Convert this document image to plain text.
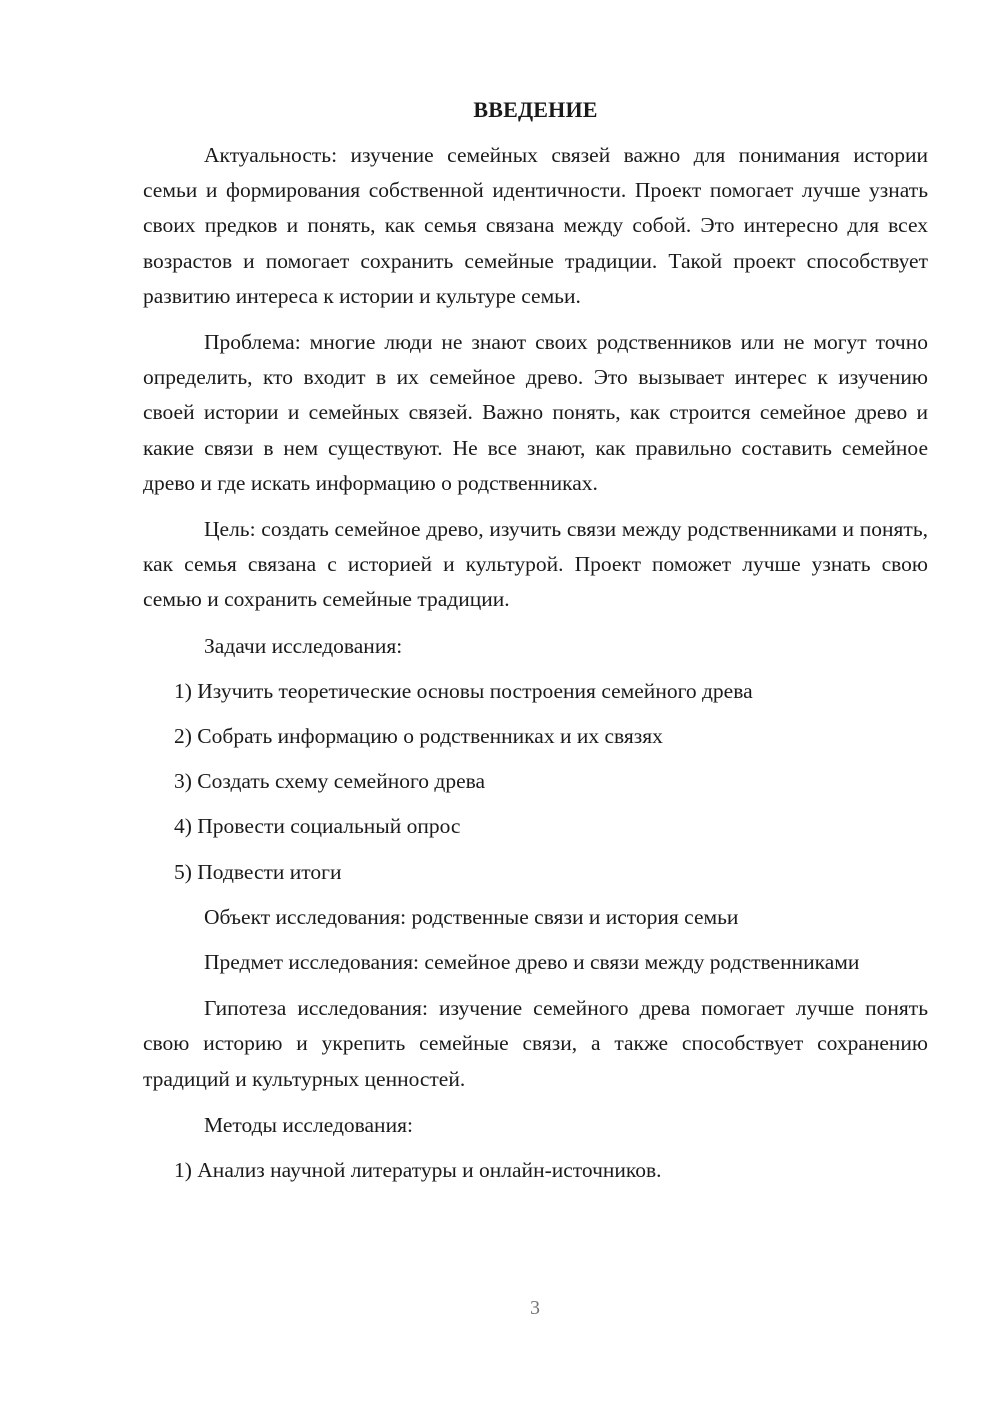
ВВЕДЕНИЕ

Актуальность: изучение семейных связей важно для понимания истории семьи и формирования собственной идентичности. Проект помогает лучше узнать своих предков и понять, как семья связана между собой. Это интересно для всех возрастов и помогает сохранить семейные традиции. Такой проект способствует развитию интереса к истории и культуре семьи.

Проблема: многие люди не знают своих родственников или не могут точно определить, кто входит в их семейное древо. Это вызывает интерес к изучению своей истории и семейных связей. Важно понять, как строится семейное древо и какие связи в нем существуют. Не все знают, как правильно составить семейное древо и где искать информацию о родственниках.

Цель: создать семейное древо, изучить связи между родственниками и понять, как семья связана с историей и культурой. Проект поможет лучше узнать свою семью и сохранить семейные традиции.

Задачи исследования:
1) Изучить теоретические основы построения семейного древа
2) Собрать информацию о родственниках и их связях
3) Создать схему семейного древа
4) Провести социальный опрос
5) Подвести итоги
Объект исследования: родственные связи и история семьи

Предмет исследования: семейное древо и связи между родственниками

Гипотеза исследования: изучение семейного древа помогает лучше понять свою историю и укрепить семейные связи, а также способствует сохранению традиций и культурных ценностей.

Методы исследования:
1) Анализ научной литературы и онлайн-источников.
3
